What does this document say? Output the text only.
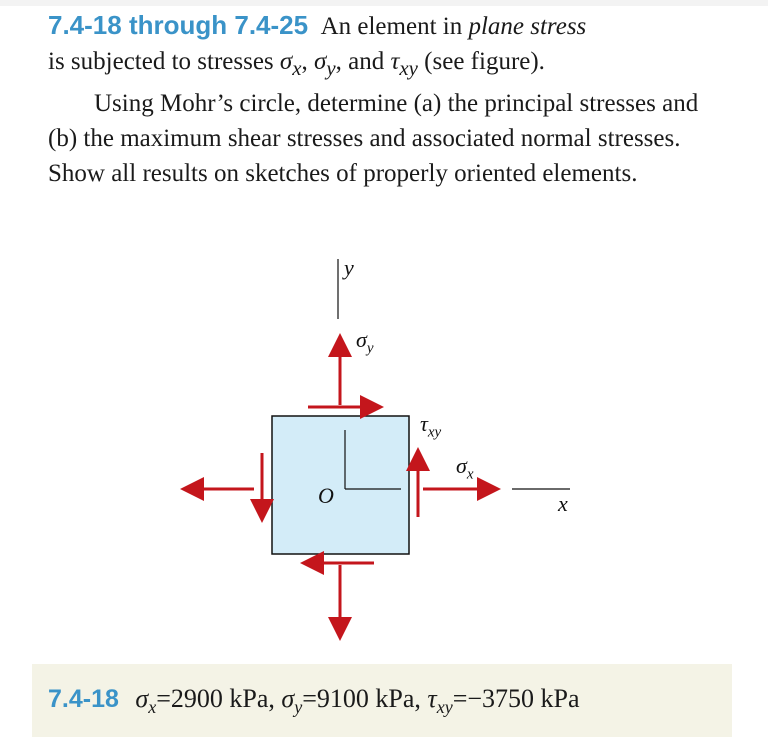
7.4-18 through 7.4-25 An element in plane stress
is subjected to stresses $\sigma_x$, $\sigma_y$, and $\tau_{xy}$ (see figure).
Using Mohr’s circle, determine (a) the principal stresses and (b) the maximum shear stresses and associated normal stresses. Show all results on sketches of properly oriented elements.
y
x
O
$\sigma_y$
$\tau_{xy}$
$\sigma_x$
7.4-18 $\sigma_x=2900$ kPa, $\sigma_y=9100$ kPa, $\tau_{xy}=-3750$ kPa
